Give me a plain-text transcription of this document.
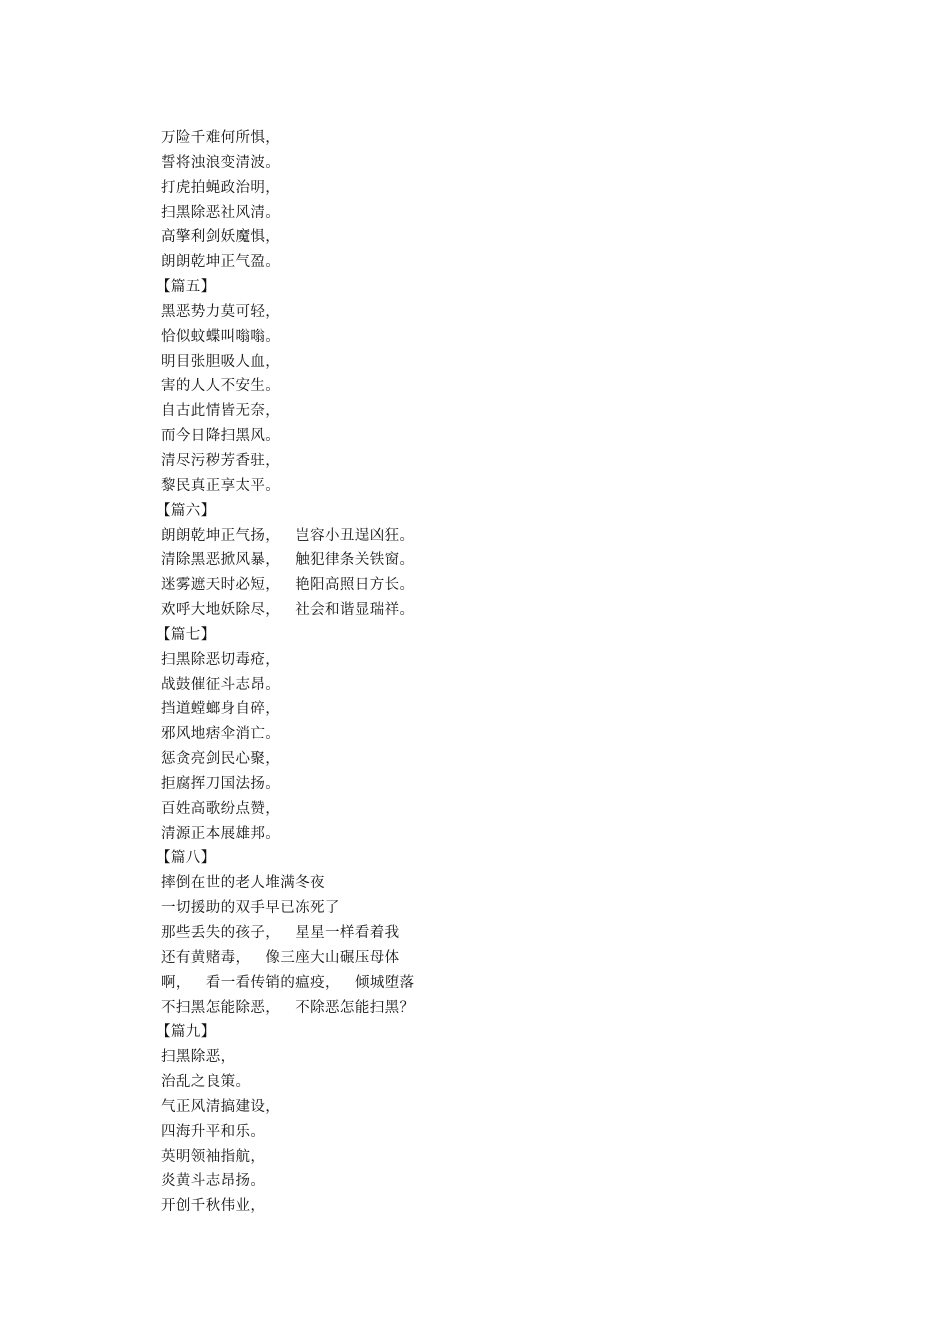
万险千难何所惧，
誓将浊浪变清波。
打虎拍蝇政治明，
扫黑除恶社风清。
高擎利剑妖魔惧，
朗朗乾坤正气盈。
【篇五】
黑恶势力莫可轻，
恰似蚊蝶叫嗡嗡。
明目张胆吸人血，
害的人人不安生。
自古此情皆无奈，
而今日降扫黑风。
清尽污秽芳香驻，
黎民真正享太平。
【篇六】
朗朗乾坤正气扬，   岂容小丑逞凶狂。
清除黑恶掀风暴，   触犯律条关铁窗。
迷雾遮天时必短，   艳阳高照日方长。
欢呼大地妖除尽，   社会和谐显瑞祥。
【篇七】
扫黑除恶切毒疮，
战鼓催征斗志昂。
挡道螳螂身自碎，
邪风地痞伞消亡。
惩贪亮剑民心聚，
拒腐挥刀国法扬。
百姓高歌纷点赞，
清源正本展雄邦。
【篇八】
摔倒在世的老人堆满冬夜
一切援助的双手早已冻死了
那些丢失的孩子，   星星一样看着我
还有黄赌毒，   像三座大山碾压母体
啊，   看一看传销的瘟疫，   倾城堕落
不扫黑怎能除恶，   不除恶怎能扫黑？
【篇九】
扫黑除恶，
治乱之良策。
气正风清搞建设，
四海升平和乐。
英明领袖指航，
炎黄斗志昂扬。
开创千秋伟业，
